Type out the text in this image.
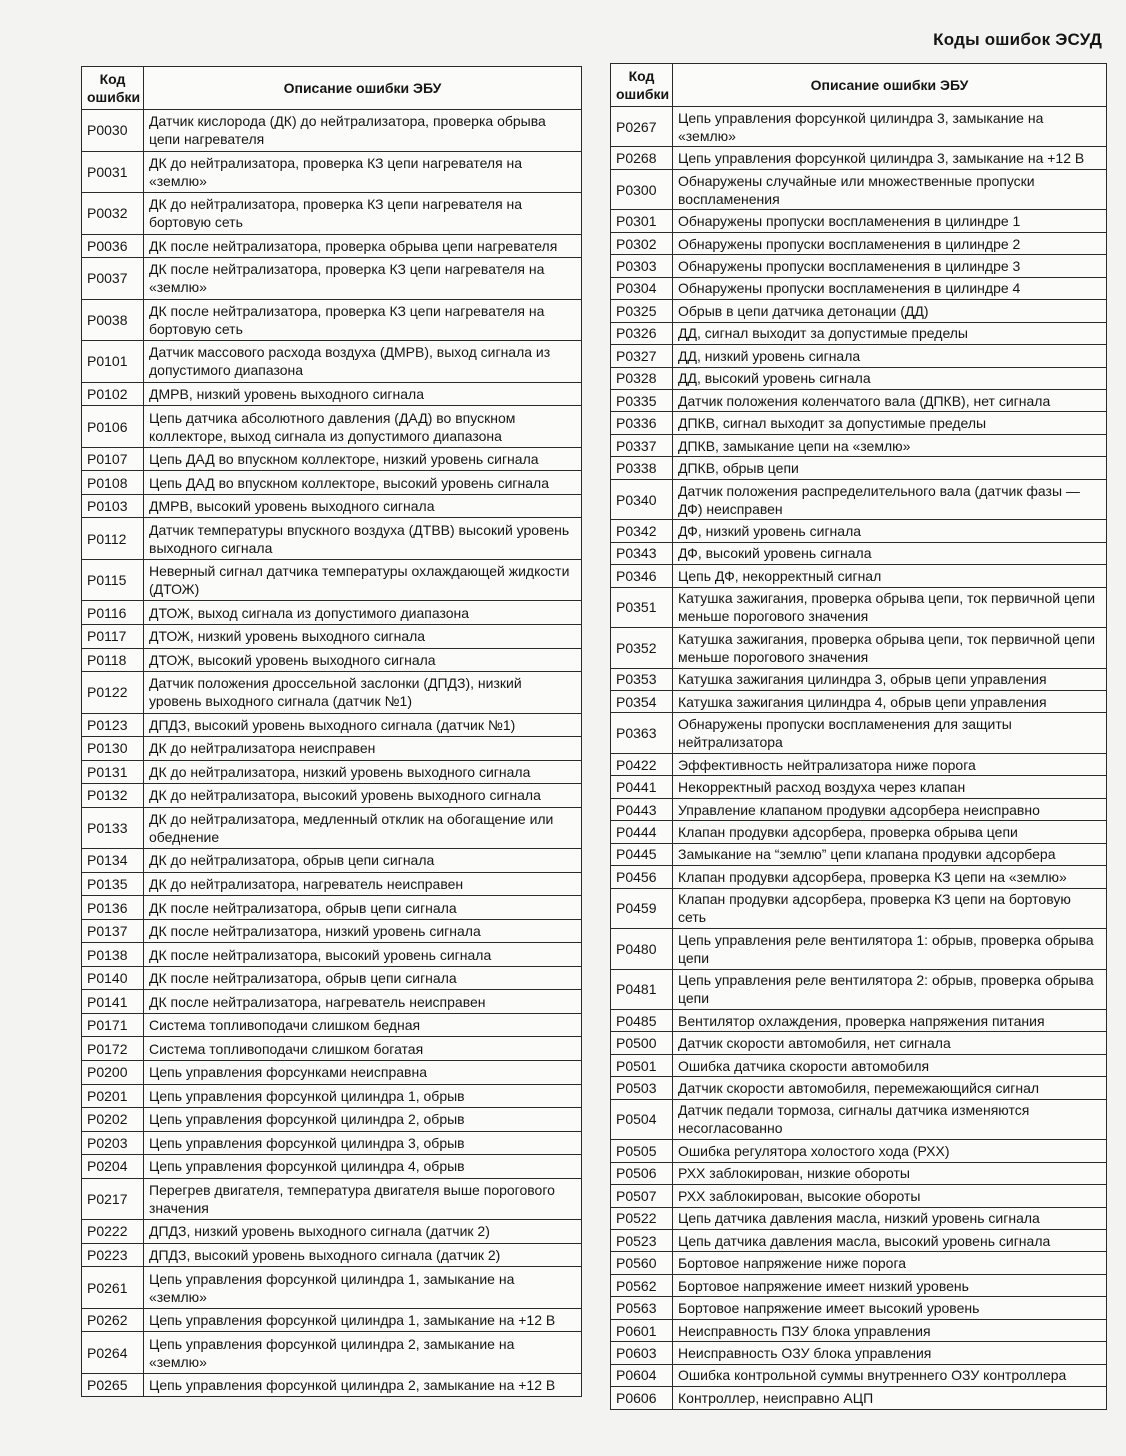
Коды ошибок ЭСУД
Код ошибки	Описание ошибки ЭБУ
P0030	Датчик кислорода (ДК) до нейтрализатора, проверка обрыва цепи нагревателя
P0031	ДК до нейтрализатора, проверка КЗ цепи нагревателя на «землю»
P0032	ДК до нейтрализатора, проверка КЗ цепи нагревателя на бортовую сеть
P0036	ДК после нейтрализатора, проверка обрыва цепи нагревателя
P0037	ДК после нейтрализатора, проверка КЗ цепи нагревателя на «землю»
P0038	ДК после нейтрализатора, проверка КЗ цепи нагревателя на бортовую сеть
P0101	Датчик массового расхода воздуха (ДМРВ), выход сигнала из допустимого диапазона
P0102	ДМРВ, низкий уровень выходного сигнала
P0106	Цепь датчика абсолютного давления (ДАД) во впускном коллекторе, выход сигнала из допустимого диапазона
P0107	Цепь ДАД во впускном коллекторе, низкий уровень сигнала
P0108	Цепь ДАД во впускном коллекторе, высокий уровень сигнала
P0103	ДМРВ, высокий уровень выходного сигнала
P0112	Датчик температуры впускного воздуха (ДТВВ) высокий уровень выходного сигнала
P0115	Неверный сигнал датчика температуры охлаждающей жидкости (ДТОЖ)
P0116	ДТОЖ, выход сигнала из допустимого диапазона
P0117	ДТОЖ, низкий уровень выходного сигнала
P0118	ДТОЖ, высокий уровень выходного сигнала
P0122	Датчик положения дроссельной заслонки (ДПДЗ), низкий уровень выходного сигнала (датчик №1)
P0123	ДПДЗ, высокий уровень выходного сигнала (датчик №1)
P0130	ДК до нейтрализатора неисправен
P0131	ДК до нейтрализатора, низкий уровень выходного сигнала
P0132	ДК до нейтрализатора, высокий уровень выходного сигнала
P0133	ДК до нейтрализатора, медленный отклик на обогащение или обеднение
P0134	ДК до нейтрализатора, обрыв цепи сигнала
P0135	ДК до нейтрализатора, нагреватель неисправен
P0136	ДК после нейтрализатора, обрыв цепи сигнала
P0137	ДК после нейтрализатора, низкий уровень сигнала
P0138	ДК после нейтрализатора, высокий уровень сигнала
P0140	ДК после нейтрализатора, обрыв цепи сигнала
P0141	ДК после нейтрализатора, нагреватель неисправен
P0171	Система топливоподачи слишком бедная
P0172	Система топливоподачи слишком богатая
P0200	Цепь управления форсунками неисправна
P0201	Цепь управления форсункой цилиндра 1, обрыв
P0202	Цепь управления форсункой цилиндра 2, обрыв
P0203	Цепь управления форсункой цилиндра 3, обрыв
P0204	Цепь управления форсункой цилиндра 4, обрыв
P0217	Перегрев двигателя, температура двигателя выше порогового значения
P0222	ДПДЗ, низкий уровень выходного сигнала (датчик 2)
P0223	ДПДЗ, высокий уровень выходного сигнала (датчик 2)
P0261	Цепь управления форсункой цилиндра 1, замыкание на «землю»
P0262	Цепь управления форсункой цилиндра 1, замыкание на +12 В
P0264	Цепь управления форсункой цилиндра 2, замыкание на «землю»
P0265	Цепь управления форсункой цилиндра 2, замыкание на +12 В
Код ошибки	Описание ошибки ЭБУ
P0267	Цепь управления форсункой цилиндра 3, замыкание на «землю»
P0268	Цепь управления форсункой цилиндра 3, замыкание на +12 В
P0300	Обнаружены случайные или множественные пропуски воспламенения
P0301	Обнаружены пропуски воспламенения в цилиндре 1
P0302	Обнаружены пропуски воспламенения в цилиндре 2
P0303	Обнаружены пропуски воспламенения в цилиндре 3
P0304	Обнаружены пропуски воспламенения в цилиндре 4
P0325	Обрыв в цепи датчика детонации (ДД)
P0326	ДД, сигнал выходит за допустимые пределы
P0327	ДД, низкий уровень сигнала
P0328	ДД, высокий уровень сигнала
P0335	Датчик положения коленчатого вала (ДПКВ), нет сигнала
P0336	ДПКВ, сигнал выходит за допустимые пределы
P0337	ДПКВ, замыкание цепи на «землю»
P0338	ДПКВ, обрыв цепи
P0340	Датчик положения распределительного вала (датчик фазы — ДФ) неисправен
P0342	ДФ, низкий уровень сигнала
P0343	ДФ, высокий уровень сигнала
P0346	Цепь ДФ, некорректный сигнал
P0351	Катушка зажигания, проверка обрыва цепи, ток первичной цепи меньше порогового значения
P0352	Катушка зажигания, проверка обрыва цепи, ток первичной цепи меньше порогового значения
P0353	Катушка зажигания цилиндра 3, обрыв цепи управления
P0354	Катушка зажигания цилиндра 4, обрыв цепи управления
P0363	Обнаружены пропуски воспламенения для защиты нейтрализатора
P0422	Эффективность нейтрализатора ниже порога
P0441	Некорректный расход воздуха через клапан
P0443	Управление клапаном продувки адсорбера неисправно
P0444	Клапан продувки адсорбера, проверка обрыва цепи
P0445	Замыкание на “землю” цепи клапана продувки адсорбера
P0456	Клапан продувки адсорбера, проверка КЗ цепи на «землю»
P0459	Клапан продувки адсорбера, проверка КЗ цепи на бортовую сеть
P0480	Цепь управления реле вентилятора 1: обрыв, проверка обрыва цепи
P0481	Цепь управления реле вентилятора 2: обрыв, проверка обрыва цепи
P0485	Вентилятор охлаждения, проверка напряжения питания
P0500	Датчик скорости автомобиля, нет сигнала
P0501	Ошибка датчика скорости автомобиля
P0503	Датчик скорости автомобиля, перемежающийся сигнал
P0504	Датчик педали тормоза, сигналы датчика изменяются несогласованно
P0505	Ошибка регулятора холостого хода (РХХ)
P0506	РХХ заблокирован, низкие обороты
P0507	РХХ заблокирован, высокие обороты
P0522	Цепь датчика давления масла, низкий уровень сигнала
P0523	Цепь датчика давления масла, высокий уровень сигнала
P0560	Бортовое напряжение ниже порога
P0562	Бортовое напряжение имеет низкий уровень
P0563	Бортовое напряжение имеет высокий уровень
P0601	Неисправность ПЗУ блока управления
P0603	Неисправность ОЗУ блока управления
P0604	Ошибка контрольной суммы внутреннего ОЗУ контроллера
P0606	Контроллер, неисправно АЦП
